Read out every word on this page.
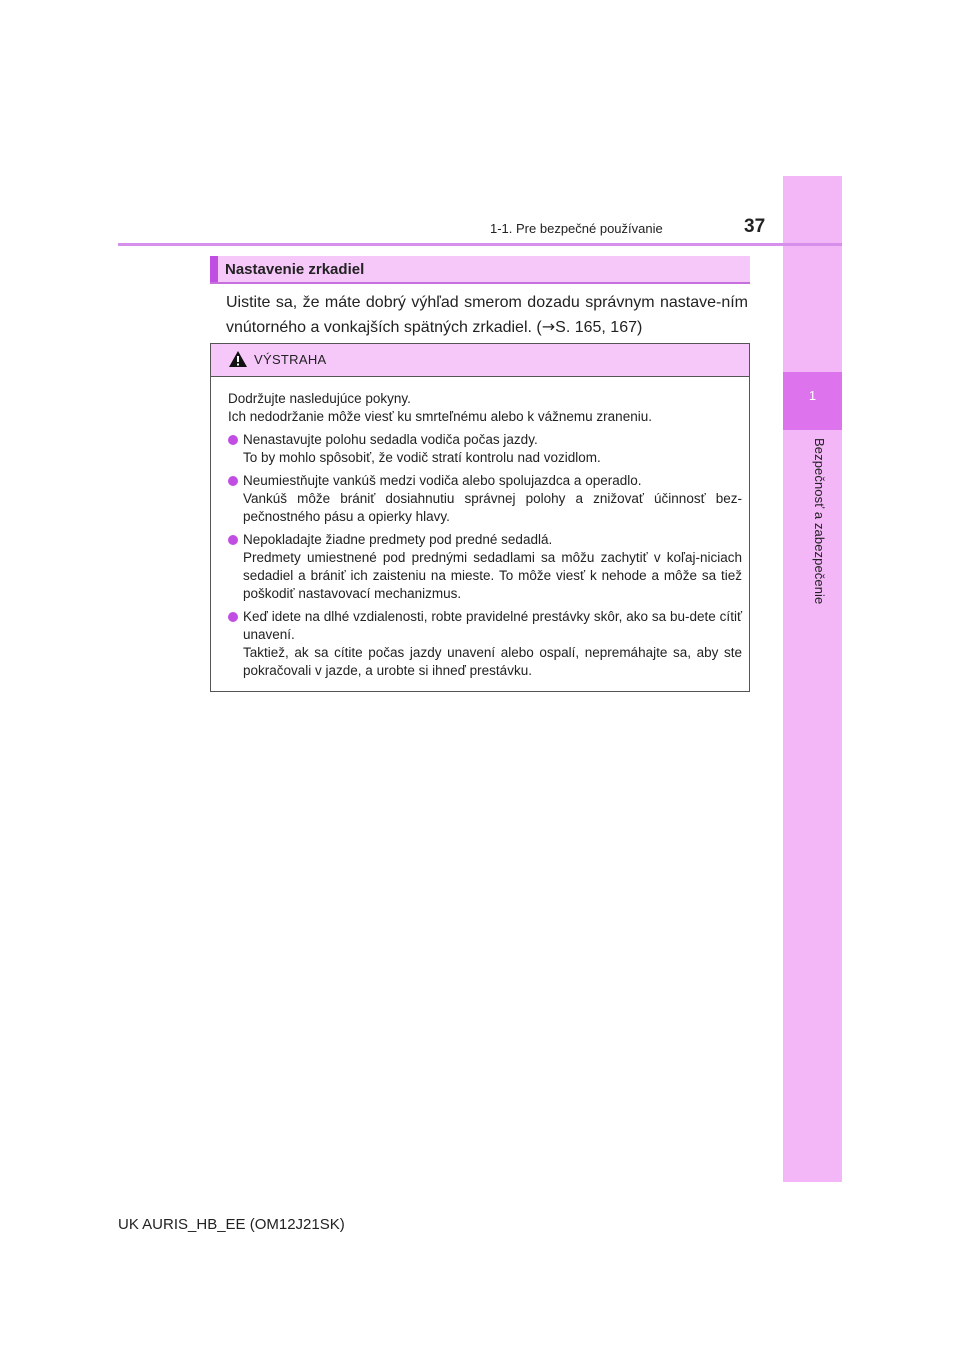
1
Bezpečnosť a zabezpečenie
1-1. Pre bezpečné používanie	37
Nastavenie zrkadiel

Uistite sa, že máte dobrý výhľad smerom dozadu správnym nastave-ním vnútorného a vonkajších spätných zrkadiel. (→S. 165, 167)

VÝSTRAHA

Dodržujte nasledujúce pokyny.

Ich nedodržanie môže viesť ku smrteľnému alebo k vážnemu zraneniu.

Nenastavujte polohu sedadla vodiča počas jazdy.
To by mohlo spôsobiť, že vodič stratí kontrolu nad vozidlom.
Neumiestňujte vankúš medzi vodiča alebo spolujazdca a operadlo.
Vankúš môže brániť dosiahnutiu správnej polohy a znižovať účinnosť bez-pečnostného pásu a opierky hlavy.
Nepokladajte žiadne predmety pod predné sedadlá.
Predmety umiestnené pod prednými sedadlami sa môžu zachytiť v koľaj-niciach sedadiel a brániť ich zaisteniu na mieste. To môže viesť k nehode a môže sa tiež poškodiť nastavovací mechanizmus.
Keď idete na dlhé vzdialenosti, robte pravidelné prestávky skôr, ako sa bu-dete cítiť unavení.
Taktiež, ak sa cítite počas jazdy unavení alebo ospalí, nepremáhajte sa, aby ste pokračovali v jazde, a urobte si ihneď prestávku.
UK AURIS_HB_EE (OM12J21SK)
